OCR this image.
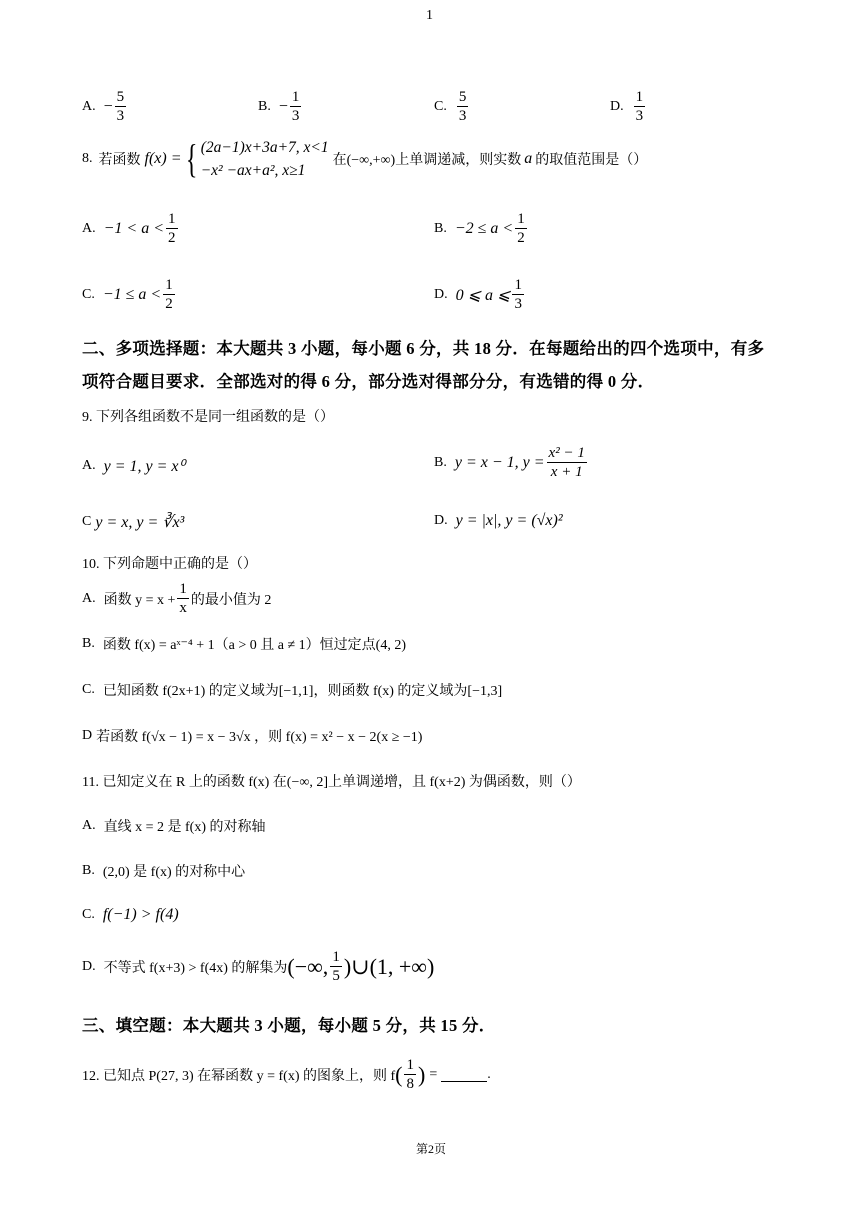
1
A. − $\frac{5}{3}$	B. − $\frac{1}{3}$	C. $\frac{5}{3}$	D. $\frac{1}{3}$
8. 若函数 f(x) = { (2a−1)x+3a+7, x<1
−x² −ax+a², x≥1
在(−∞,+∞)上单调递减，则实数 a 的取值范围是（）
A. $-1 < a < \frac{1}{2}$	B. $-2 \le a < \frac{1}{2}$
C. $-1 \le a < \frac{1}{2}$	D. 0 ⩽ a ⩽ $\frac{1}{3}$
二、多项选择题：本大题共 3 小题，每小题 6 分，共 18 分．在每题给出的四个选项中，有多
项符合题目要求．全部选对的得 6 分，部分选对得部分分，有选错的得 0 分．
9. 下列各组函数不是同一组函数的是（）
A. y = 1, y = x⁰	B. y = x − 1, $y = \frac{\text{x² − 1}}{x + 1}$
C y = x, y = ∛x³	D. y = |x|, y = (√x)²
10. 下列命题中正确的是（）
A. 函数 $y = x + \frac{1}{x}$ 的最小值为 2
B. 函数 f(x) = aˣ⁻⁴ + 1（a > 0 且 a ≠ 1）恒过定点(4, 2)
C. 已知函数 f(2x+1) 的定义域为[−1,1]，则函数 f(x) 的定义域为[−1,3]
D 若函数 f(√x − 1) = x − 3√x ，则 f(x) = x² − x − 2(x ≥ −1)
11. 已知定义在 R 上的函数 f(x) 在(−∞, 2]上单调递增，且 f(x+2) 为偶函数，则（）
A. 直线 x = 2 是 f(x) 的对称轴
B. (2,0) 是 f(x) 的对称中心
C. f(−1) > f(4)
D. 不等式 f(x+3) > f(4x) 的解集为 (−∞, $\frac{1}{5}$ )∪(1, +∞)
三、填空题：本大题共 3 小题，每小题 5 分，共 15 分．
12. 已知点 P(27, 3) 在幂函数 y = f(x) 的图象上，则 f ( $\frac{1}{8}$ ) =	.
第2页
